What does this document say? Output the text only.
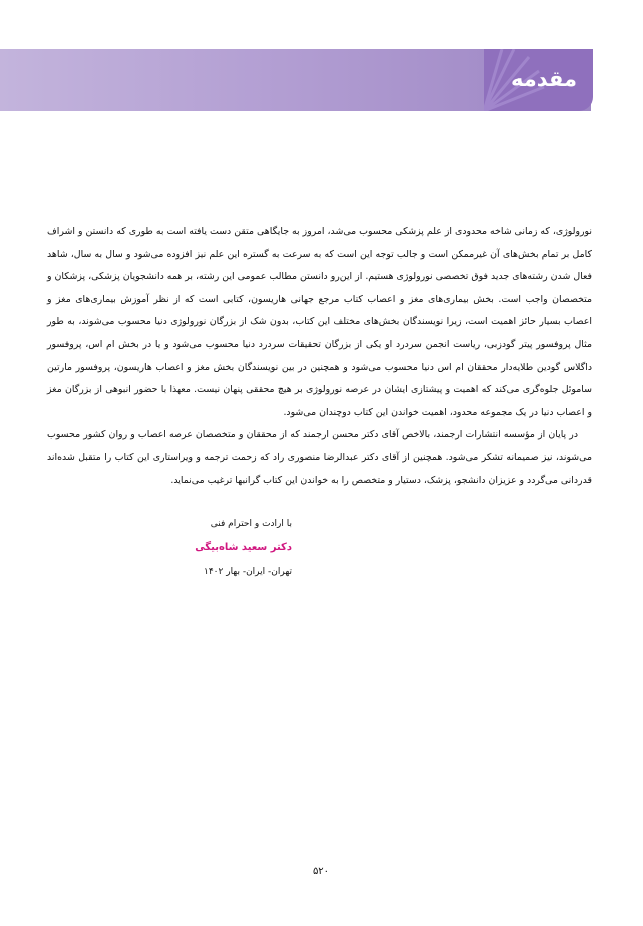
مقدمه

نورولوژی، که زمانی شاخه محدودی از علم پزشکی محسوب می‌شد، امروز به جایگاهی متقن دست یافته است به طوری که دانستن و اشراف کامل بر تمام بخش‌های آن غیرممکن است و جالب توجه این است که به سرعت به گستره این علم نیز افزوده می‌شود و سال به سال، شاهد فعال شدن رشته‌های جدید فوق تخصصی نورولوژی هستیم. از این‌رو دانستن مطالب عمومی این رشته، بر همه دانشجویان پزشکی، پزشکان و متخصصان واجب است. بخش بیماری‌های مغز و اعصاب کتاب مرجع جهانی هاریسون، کتابی است که از نظر آموزش بیماری‌های مغز و اعصاب بسیار حائز اهمیت است، زیرا نویسندگان بخش‌های مختلف این کتاب، بدون شک از بزرگان نورولوژی دنیا محسوب می‌شوند، به طور مثال پروفسور پیتر گودزبی، ریاست انجمن سردرد او یکی از بزرگان تحقیقات سردرد دنیا محسوب می‌شود و یا در بخش ام اس، پروفسور داگلاس گودین طلایه‌دار محققان ام اس دنیا محسوب می‌شود و همچنین در بین نویسندگان بخش مغز و اعصاب هاریسون، پروفسور مارتین ساموئل جلوه‌گری می‌کند که اهمیت و پیشتازی ایشان در عرصه نورولوژی بر هیچ محققی پنهان نیست. معهذا با حضور انبوهی از بزرگان مغز و اعصاب دنیا در یک مجموعه محدود، اهمیت خواندن این کتاب دوچندان می‌شود.

در پایان از مؤسسه انتشارات ارجمند، بالاخص آقای دکتر محسن ارجمند که از محققان و متخصصان عرصه اعصاب و روان کشور محسوب می‌شوند، نیز صمیمانه تشکر می‌شود. همچنین از آقای دکتر عبدالرضا منصوری راد که زحمت ترجمه و ویراستاری این کتاب را متقبل شده‌اند قدردانی می‌گردد و عزیزان دانشجو، پزشک، دستیار و متخصص را به خواندن این کتاب گرانبها ترغیب می‌نماید.

با ارادت و احترام فنی
دکتر سعید شاه‌بیگی
تهران- ایران- بهار ۱۴۰۲
۵۲۰
